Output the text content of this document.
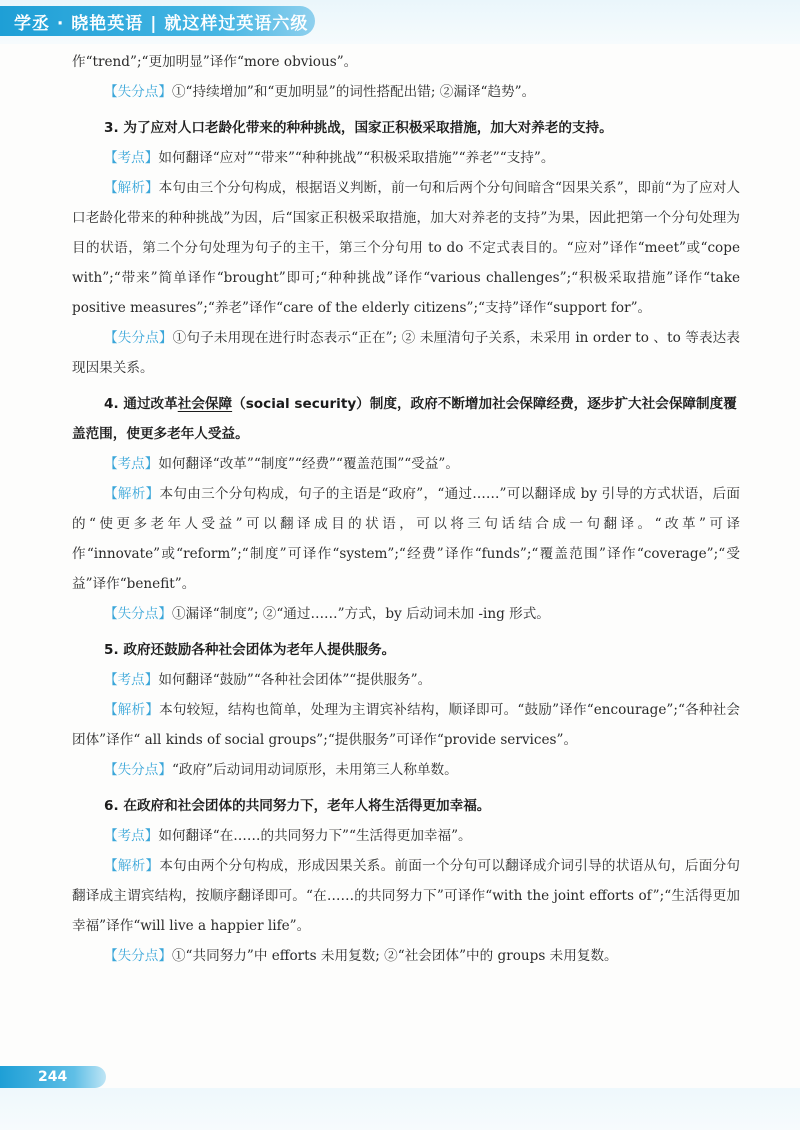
学丞 · 晓艳英语 | 就这样过英语六级

作“trend”;“更加明显”译作“more obvious”。

【失分点】①“持续增加”和“更加明显”的词性搭配出错; ②漏译“趋势”。

3. 为了应对人口老龄化带来的种种挑战，国家正积极采取措施，加大对养老的支持。

【考点】如何翻译“应对”“带来”“种种挑战”“积极采取措施”“养老”“支持”。

【解析】本句由三个分句构成，根据语义判断，前一句和后两个分句间暗含“因果关系”，即前“为了应对人口老龄化带来的种种挑战”为因，后“国家正积极采取措施，加大对养老的支持”为果，因此把第一个分句处理为目的状语，第二个分句处理为句子的主干，第三个分句用 to do 不定式表目的。“应对”译作“meet”或“cope with”;“带来”简单译作“brought”即可;“种种挑战”译作“various challenges”;“积极采取措施”译作“take positive measures”;“养老”译作“care of the elderly citizens”;“支持”译作“support for”。

【失分点】①句子未用现在进行时态表示“正在”; ② 未厘清句子关系，未采用 in order to 、to 等表达表现因果关系。

4. 通过改革社会保障（social security）制度，政府不断增加社会保障经费，逐步扩大社会保障制度覆盖范围，使更多老年人受益。

【考点】如何翻译“改革”“制度”“经费”“覆盖范围”“受益”。

【解析】本句由三个分句构成，句子的主语是“政府”，“通过……”可以翻译成 by 引导的方式状语，后面的“使更多老年人受益”可以翻译成目的状语，可以将三句话结合成一句翻译。“改革”可译作“innovate”或“reform”;“制度”可译作“system”;“经费”译作“funds”;“覆盖范围”译作“coverage”;“受益”译作“benefit”。

【失分点】①漏译“制度”; ②“通过……”方式，by 后动词未加 -ing 形式。

5. 政府还鼓励各种社会团体为老年人提供服务。

【考点】如何翻译“鼓励”“各种社会团体”“提供服务”。

【解析】本句较短，结构也简单，处理为主谓宾补结构，顺译即可。“鼓励”译作“encourage”;“各种社会团体”译作“ all kinds of social groups”;“提供服务”可译作“provide services”。

【失分点】“政府”后动词用动词原形，未用第三人称单数。

6. 在政府和社会团体的共同努力下，老年人将生活得更加幸福。

【考点】如何翻译“在……的共同努力下”“生活得更加幸福”。

【解析】本句由两个分句构成，形成因果关系。前面一个分句可以翻译成介词引导的状语从句，后面分句翻译成主谓宾结构，按顺序翻译即可。“在……的共同努力下”可译作“with the joint efforts of”;“生活得更加幸福”译作“will live a happier life”。

【失分点】①“共同努力”中 efforts 未用复数; ②“社会团体”中的 groups 未用复数。

244
